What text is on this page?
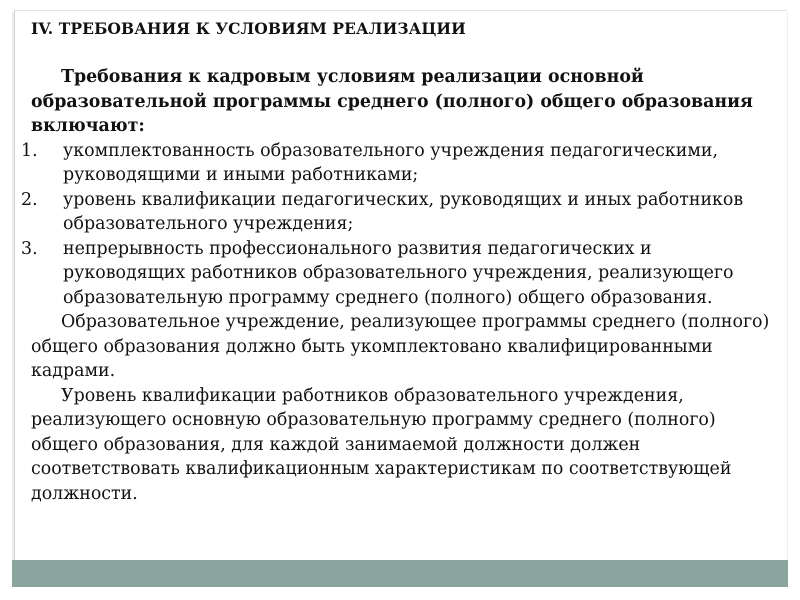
IV. ТРЕБОВАНИЯ К УСЛОВИЯМ РЕАЛИЗАЦИИ

Требования к кадровым условиям реализации основной образовательной программы среднего (полного) общего образования включают:

1. укомплектованность образовательного учреждения педагогическими, руководящими и иными работниками;
2. уровень квалификации педагогических, руководящих и иных работников образовательного учреждения;
3. непрерывность профессионального развития педагогических и руководящих работников образовательного учреждения, реализующего образовательную программу среднего (полного) общего образования.

Образовательное учреждение, реализующее программы среднего (полного) общего образования должно быть укомплектовано квалифицированными кадрами.

Уровень квалификации работников образовательного учреждения, реализующего основную образовательную программу среднего (полного) общего образования, для каждой занимаемой должности должен соответствовать квалификационным характеристикам по соответствующей должности.
